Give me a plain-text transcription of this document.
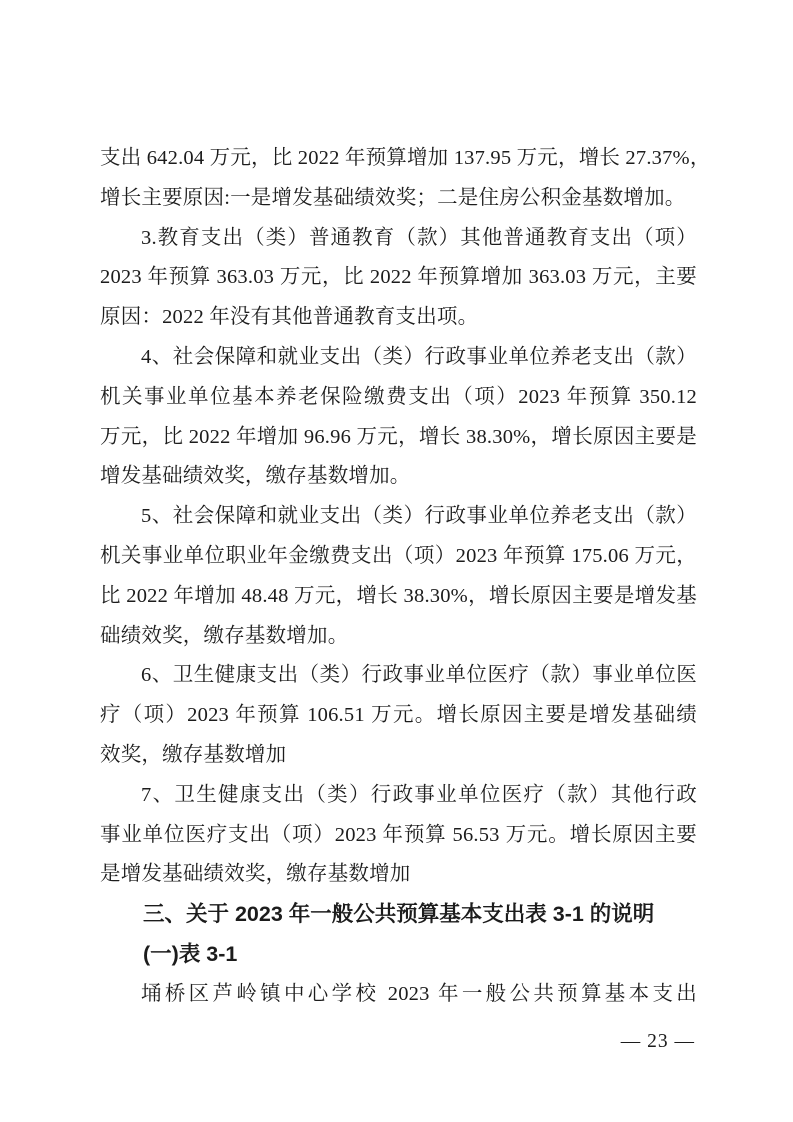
支出 642.04 万元，比 2022 年预算增加 137.95 万元，增长 27.37%，
增长主要原因:一是增发基础绩效奖；二是住房公积金基数增加。
3.教育支出（类）普通教育（款）其他普通教育支出（项）
2023 年预算 363.03 万元，比 2022 年预算增加 363.03 万元，主要
原因：2022 年没有其他普通教育支出项。
4、社会保障和就业支出（类）行政事业单位养老支出（款）
机关事业单位基本养老保险缴费支出（项）2023 年预算 350.12
万元，比 2022 年增加 96.96 万元，增长 38.30%，增长原因主要是
增发基础绩效奖，缴存基数增加。
5、社会保障和就业支出（类）行政事业单位养老支出（款）
机关事业单位职业年金缴费支出（项）2023 年预算 175.06 万元，
比 2022 年增加 48.48 万元，增长 38.30%，增长原因主要是增发基
础绩效奖，缴存基数增加。
6、卫生健康支出（类）行政事业单位医疗（款）事业单位医
疗（项）2023 年预算 106.51 万元。增长原因主要是增发基础绩
效奖，缴存基数增加
7、卫生健康支出（类）行政事业单位医疗（款）其他行政
事业单位医疗支出（项）2023 年预算 56.53 万元。增长原因主要
是增发基础绩效奖，缴存基数增加
三、关于 2023 年一般公共预算基本支出表 3-1 的说明
(一)表 3-1
埇桥区芦岭镇中心学校 2023 年一般公共预算基本支出
— 23 —
